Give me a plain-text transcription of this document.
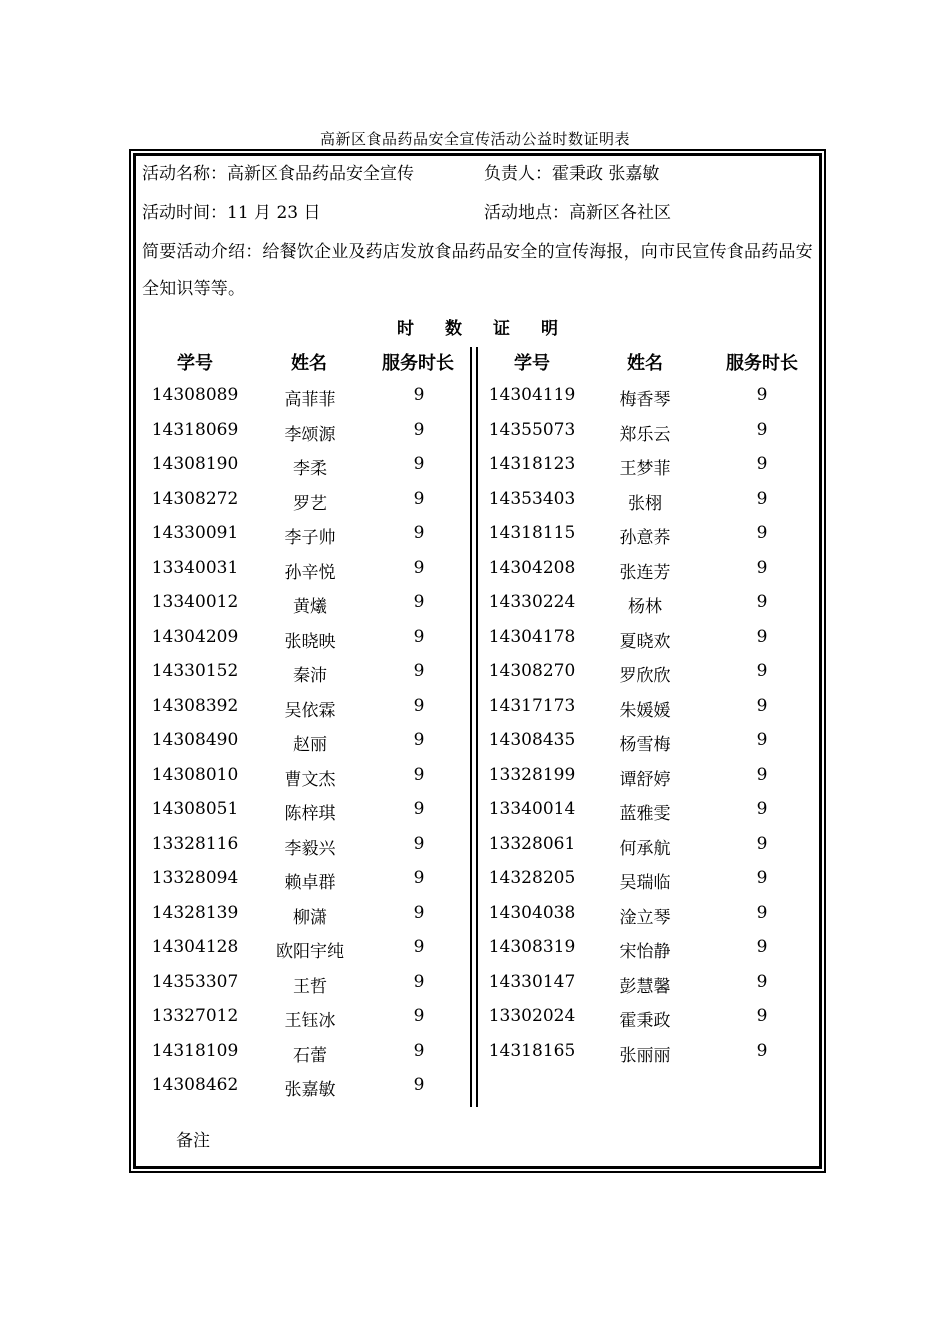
高新区食品药品安全宣传活动公益时数证明表
活动名称：高新区食品药品安全宣传	负责人：霍秉政 张嘉敏
活动时间：11 月 23 日	活动地点：高新区各社区
简要活动介绍：给餐饮企业及药店发放食品药品安全的宣传海报，向市民宣传食品药品安全知识等等。
时 数 证 明
学号	姓名	服务时长	学号	姓名	服务时长
14308089	高菲菲	9
14318069	李颂源	9
14308190	李柔	9
14308272	罗艺	9
14330091	李子帅	9
13340031	孙辛悦	9
13340012	黄爔	9
14304209	张晓映	9
14330152	秦沛	9
14308392	吴依霖	9
14308490	赵丽	9
14308010	曹文杰	9
14308051	陈梓琪	9
13328116	李毅兴	9
13328094	赖卓群	9
14328139	柳潇	9
14304128	欧阳宇纯	9
14353307	王哲	9
13327012	王钰冰	9
14318109	石蕾	9
14308462	张嘉敏	9
14304119	梅香琴	9
14355073	郑乐云	9
14318123	王梦菲	9
14353403	张栩	9
14318115	孙意荞	9
14304208	张连芳	9
14330224	杨林	9
14304178	夏晓欢	9
14308270	罗欣欣	9
14317173	朱媛媛	9
14308435	杨雪梅	9
13328199	谭舒婷	9
13340014	蓝雅雯	9
13328061	何承航	9
14328205	吴瑞临	9
14304038	淦立琴	9
14308319	宋怡静	9
14330147	彭慧馨	9
13302024	霍秉政	9
14318165	张丽丽	9
备注
